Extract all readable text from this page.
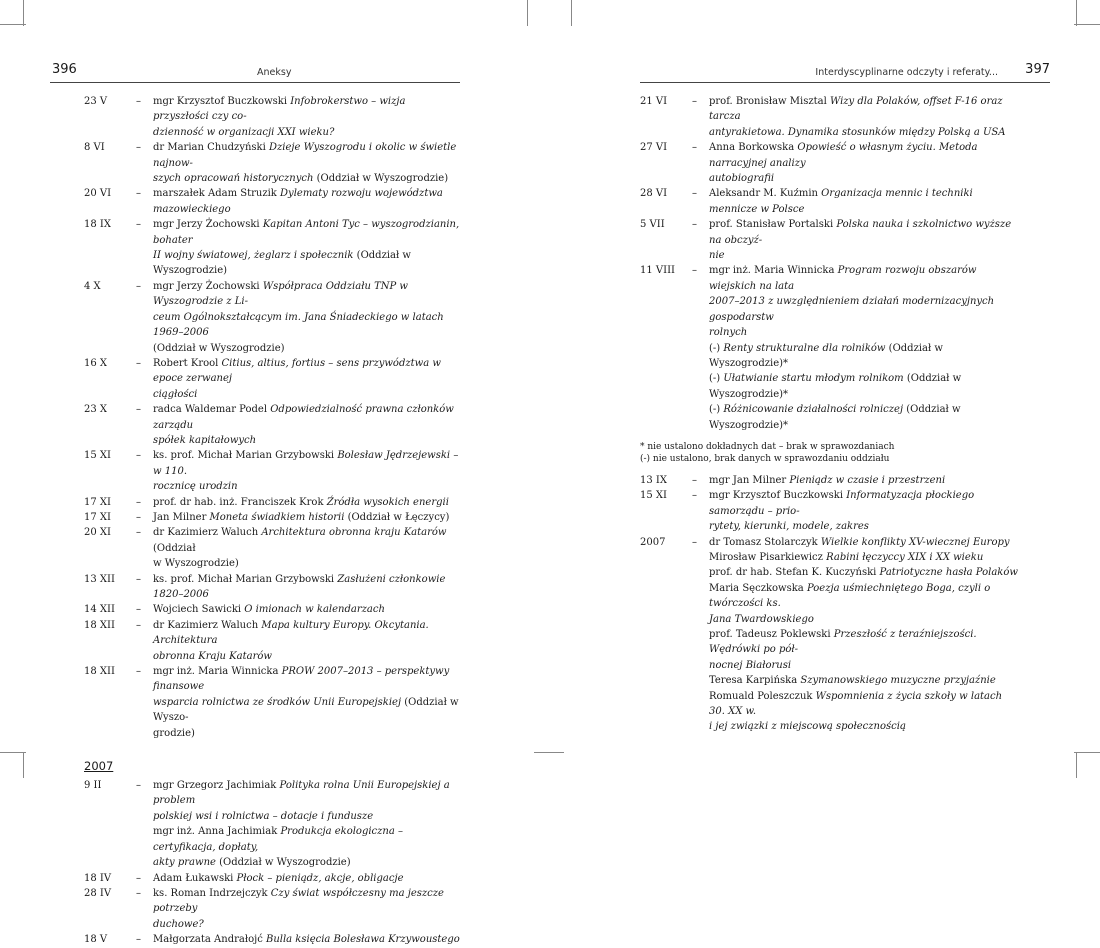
396	Aneksy
23 V	–	mgr Krzysztof Buczkowski Infobrokerstwo – wizja przyszłości czy co-
dzienność w organizacji XXI wieku?
8 VI	–	dr Marian Chudzyński Dzieje Wyszogrodu i okolic w świetle najnow-
szych opracowań historycznych (Oddział w Wyszogrodzie)
20 VI	–	marszałek Adam Struzik Dylematy rozwoju województwa mazowieckiego
18 IX	–	mgr Jerzy Żochowski Kapitan Antoni Tyc – wyszogrodzianin, bohater
II wojny światowej, żeglarz i społecznik (Oddział w Wyszogrodzie)
4 X	–	mgr Jerzy Żochowski Współpraca Oddziału TNP w Wyszogrodzie z Li-
ceum Ogólnokształcącym im. Jana Śniadeckiego w latach 1969–2006
(Oddział w Wyszogrodzie)
16 X	–	Robert Krool Citius, altius, fortius – sens przywództwa w epoce zerwanej
ciągłości
23 X	–	radca Waldemar Podel Odpowiedzialność prawna członków zarządu
spółek kapitałowych
15 XI	–	ks. prof. Michał Marian Grzybowski Bolesław Jędrzejewski – w 110.
rocznicę urodzin
17 XI	–	prof. dr hab. inż. Franciszek Krok Źródła wysokich energii
17 XI	–	Jan Milner Moneta świadkiem historii (Oddział w Łęczycy)
20 XI	–	dr Kazimierz Waluch Architektura obronna kraju Katarów (Oddział
w Wyszogrodzie)
13 XII	–	ks. prof. Michał Marian Grzybowski Zasłużeni członkowie 1820–2006
14 XII	–	Wojciech Sawicki O imionach w kalendarzach
18 XII	–	dr Kazimierz Waluch Mapa kultury Europy. Okcytania. Architektura
obronna Kraju Katarów
18 XII	–	mgr inż. Maria Winnicka PROW 2007–2013 – perspektywy finansowe
wsparcia rolnictwa ze środków Unii Europejskiej (Oddział w Wyszo-
grodzie)
2007
9 II	–	mgr Grzegorz Jachimiak Polityka rolna Unii Europejskiej a problem
polskiej wsi i rolnictwa – dotacje i fundusze
mgr inż. Anna Jachimiak Produkcja ekologiczna – certyfikacja, dopłaty,
akty prawne (Oddział w Wyszogrodzie)
18 IV	–	Adam Łukawski Płock – pieniądz, akcje, obligacje
28 IV	–	ks. Roman Indrzejczyk Czy świat współczesny ma jeszcze potrzeby
duchowe?
18 V	–	Małgorzata Andrałojć Bulla księcia Bolesława Krzywoustego
Interdyscyplinarne odczyty i referaty... 397
21 VI	–	prof. Bronisław Misztal Wizy dla Polaków, offset F-16 oraz tarcza
antyrakietowa. Dynamika stosunków między Polską a USA
27 VI	–	Anna Borkowska Opowieść o własnym życiu. Metoda narracyjnej analizy
autobiografii
28 VI	–	Aleksandr M. Kuźmin Organizacja mennic i techniki mennicze w Polsce
5 VII	–	prof. Stanisław Portalski Polska nauka i szkolnictwo wyższe na obczyź-
nie
11 VIII	–	mgr inż. Maria Winnicka Program rozwoju obszarów wiejskich na lata
2007–2013 z uwzględnieniem działań modernizacyjnych gospodarstw
rolnych
(-) Renty strukturalne dla rolników (Oddział w Wyszogrodzie)*
(-) Ułatwianie startu młodym rolnikom (Oddział w Wyszogrodzie)*
(-) Różnicowanie działalności rolniczej (Oddział w Wyszogrodzie)*
* nie ustalono dokładnych dat – brak w sprawozdaniach
(-) nie ustalono, brak danych w sprawozdaniu oddziału
13 IX	–	mgr Jan Milner Pieniądz w czasie i przestrzeni
15 XI	–	mgr Krzysztof Buczkowski Informatyzacja płockiego samorządu – prio-
rytety, kierunki, modele, zakres
2007	–	dr Tomasz Stolarczyk Wielkie konflikty XV-wiecznej Europy
Mirosław Pisarkiewicz Rabini łęczyccy XIX i XX wieku
prof. dr hab. Stefan K. Kuczyński Patriotyczne hasła Polaków
Maria Sęczkowska Poezja uśmiechniętego Boga, czyli o twórczości ks.
Jana Twardowskiego
prof. Tadeusz Poklewski Przeszłość z teraźniejszości. Wędrówki po pół-
nocnej Białorusi
Teresa Karpińska Szymanowskiego muzyczne przyjaźnie
Romuald Poleszczuk Wspomnienia z życia szkoły w latach 30. XX w.
i jej związki z miejscową społecznością
